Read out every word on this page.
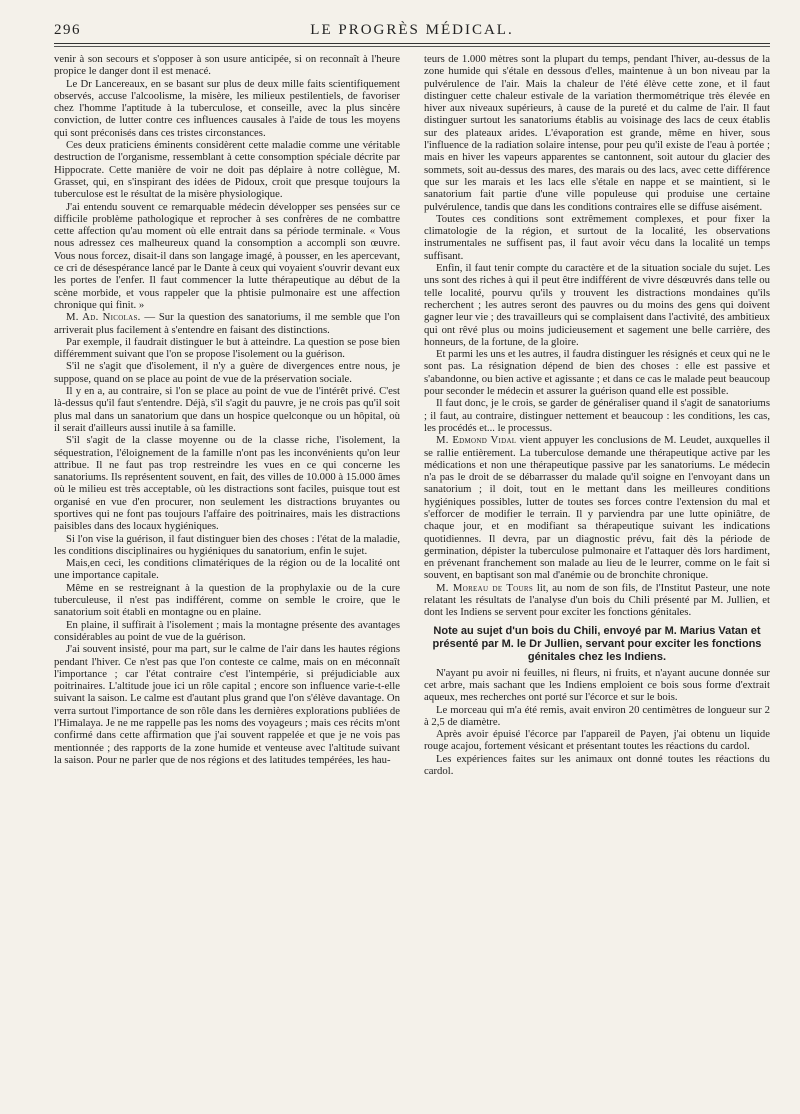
296	LE PROGRÈS MÉDICAL.

venir à son secours et s'opposer à son usure anticipée, si on reconnaît à l'heure propice le danger dont il est menacé.

Le Dr Lancereaux, en se basant sur plus de deux mille faits scientifiquement observés, accuse l'alcoolisme, la misère, les milieux pestilentiels, de favoriser chez l'homme l'aptitude à la tuberculose, et conseille, avec la plus sincère conviction, de lutter contre ces influences causales à l'aide de tous les moyens qui sont préconisés dans ces tristes circonstances.

Ces deux praticiens éminents considèrent cette maladie comme une véritable destruction de l'organisme, ressemblant à cette consomption spéciale décrite par Hippocrate. Cette manière de voir ne doit pas déplaire à notre collègue, M. Grasset, qui, en s'inspirant des idées de Pidoux, croit que presque toujours la tuberculose est le résultat de la misère physiologique.

J'ai entendu souvent ce remarquable médecin développer ses pensées sur ce difficile problème pathologique et reprocher à ses confrères de ne combattre cette affection qu'au moment où elle entrait dans sa période terminale. « Vous nous adressez ces malheureux quand la consomption a accompli son œuvre. Vous nous forcez, disait-il dans son langage imagé, à pousser, en les apercevant, ce cri de désespérance lancé par le Dante à ceux qui voyaient s'ouvrir devant eux les portes de l'enfer. Il faut commencer la lutte thérapeutique au début de la scène morbide, et vous rappeler que la phtisie pulmonaire est une affection chronique qui finit. »

M. Ad. Nicolas. — Sur la question des sanatoriums, il me semble que l'on arriverait plus facilement à s'entendre en faisant des distinctions.

Par exemple, il faudrait distinguer le but à atteindre. La question se pose bien différemment suivant que l'on se propose l'isolement ou la guérison.

S'il ne s'agit que d'isolement, il n'y a guère de divergences entre nous, je suppose, quand on se place au point de vue de la préservation sociale.

Il y en a, au contraire, si l'on se place au point de vue de l'intérêt privé. C'est là-dessus qu'il faut s'entendre. Déjà, s'il s'agit du pauvre, je ne crois pas qu'il soit plus mal dans un sanatorium que dans un hospice quelconque ou un hôpital, où il serait d'ailleurs aussi inutile à sa famille.

S'il s'agit de la classe moyenne ou de la classe riche, l'isolement, la séquestration, l'éloignement de la famille n'ont pas les inconvénients qu'on leur attribue. Il ne faut pas trop restreindre les vues en ce qui concerne les sanatoriums. Ils représentent souvent, en fait, des villes de 10.000 à 15.000 âmes où le milieu est très acceptable, où les distractions sont faciles, puisque tout est organisé en vue d'en procurer, non seulement les distractions bruyantes ou sportives qui ne font pas toujours l'affaire des poitrinaires, mais les distractions paisibles dans des locaux hygiéniques.

Si l'on vise la guérison, il faut distinguer bien des choses : l'état de la maladie, les conditions disciplinaires ou hygiéniques du sanatorium, enfin le sujet.

Mais,en ceci, les conditions climatériques de la région ou de la localité ont une importance capitale.

Même en se restreignant à la question de la prophylaxie ou de la cure tuberculeuse, il n'est pas indifférent, comme on semble le croire, que le sanatorium soit établi en montagne ou en plaine.

En plaine, il suffirait à l'isolement ; mais la montagne présente des avantages considérables au point de vue de la guérison.

J'ai souvent insisté, pour ma part, sur le calme de l'air dans les hautes régions pendant l'hiver. Ce n'est pas que l'on conteste ce calme, mais on en méconnaît l'importance ; car l'état contraire c'est l'intempérie, si préjudiciable aux poitrinaires. L'altitude joue ici un rôle capital ; encore son influence varie-t-elle suivant la saison. Le calme est d'autant plus grand que l'on s'élève davantage. On verra surtout l'importance de son rôle dans les dernières explorations publiées de l'Himalaya. Je ne me rappelle pas les noms des voyageurs ; mais ces récits m'ont confirmé dans cette affirmation que j'ai souvent rappelée et que je ne vois pas mentionnée ; des rapports de la zone humide et venteuse avec l'altitude suivant la saison. Pour ne parler que de nos régions et des latitudes tempérées, les hau-

teurs de 1.000 mètres sont la plupart du temps, pendant l'hiver, au-dessus de la zone humide qui s'étale en dessous d'elles, maintenue à un bon niveau par la pulvérulence de l'air. Mais la chaleur de l'été élève cette zone, et il faut distinguer cette chaleur estivale de la variation thermométrique très élevée en hiver aux niveaux supérieurs, à cause de la pureté et du calme de l'air. Il faut distinguer surtout les sanatoriums établis au voisinage des lacs de ceux établis sur des plateaux arides. L'évaporation est grande, même en hiver, sous l'influence de la radiation solaire intense, pour peu qu'il existe de l'eau à portée ; mais en hiver les vapeurs apparentes se cantonnent, soit autour du glacier des sommets, soit au-dessus des mares, des marais ou des lacs, avec cette différence que sur les marais et les lacs elle s'étale en nappe et se maintient, si le sanatorium fait partie d'une ville populeuse qui produise une certaine pulvérulence, tandis que dans les conditions contraires elle se diffuse aisément.

Toutes ces conditions sont extrêmement complexes, et pour fixer la climatologie de la région, et surtout de la localité, les observations instrumentales ne suffisent pas, il faut avoir vécu dans la localité un temps suffisant.

Enfin, il faut tenir compte du caractère et de la situation sociale du sujet. Les uns sont des riches à qui il peut être indifférent de vivre désœuvrés dans telle ou telle localité, pourvu qu'ils y trouvent les distractions mondaines qu'ils recherchent ; les autres seront des pauvres ou du moins des gens qui doivent gagner leur vie ; des travailleurs qui se complaisent dans l'activité, des ambitieux qui ont rêvé plus ou moins judicieusement et sagement une belle carrière, des honneurs, de la fortune, de la gloire.

Et parmi les uns et les autres, il faudra distinguer les résignés et ceux qui ne le sont pas. La résignation dépend de bien des choses : elle est passive et s'abandonne, ou bien active et agissante ; et dans ce cas le malade peut beaucoup pour seconder le médecin et assurer la guérison quand elle est possible.

Il faut donc, je le crois, se garder de généraliser quand il s'agit de sanatoriums ; il faut, au contraire, distinguer nettement et beaucoup : les conditions, les cas, les procédés et... le processus.

M. Edmond Vidal vient appuyer les conclusions de M. Leudet, auxquelles il se rallie entièrement. La tuberculose demande une thérapeutique active par les médications et non une thérapeutique passive par les sanatoriums. Le médecin n'a pas le droit de se débarrasser du malade qu'il soigne en l'envoyant dans un sanatorium ; il doit, tout en le mettant dans les meilleures conditions hygiéniques possibles, lutter de toutes ses forces contre l'extension du mal et s'efforcer de modifier le terrain. Il y parviendra par une lutte opiniâtre, de chaque jour, et en modifiant sa thérapeutique suivant les indications quotidiennes. Il devra, par un diagnostic prévu, fait dès la période de germination, dépister la tuberculose pulmonaire et l'attaquer dès lors hardiment, en prévenant franchement son malade au lieu de le leurrer, comme on le fait si souvent, en baptisant son mal d'anémie ou de bronchite chronique.

M. Moreau de Tours lit, au nom de son fils, de l'Institut Pasteur, une note relatant les résultats de l'analyse d'un bois du Chili présenté par M. Jullien, et dont les Indiens se servent pour exciter les fonctions génitales.

Note au sujet d'un bois du Chili, envoyé par M. Marius Vatan et présenté par M. le Dr Jullien, servant pour exciter les fonctions génitales chez les Indiens.

N'ayant pu avoir ni feuilles, ni fleurs, ni fruits, et n'ayant aucune donnée sur cet arbre, mais sachant que les Indiens emploient ce bois sous forme d'extrait aqueux, mes recherches ont porté sur l'écorce et sur le bois.

Le morceau qui m'a été remis, avait environ 20 centimètres de longueur sur 2 à 2,5 de diamètre.

Après avoir épuisé l'écorce par l'appareil de Payen, j'ai obtenu un liquide rouge acajou, fortement vésicant et présentant toutes les réactions du cardol.

Les expériences faites sur les animaux ont donné toutes les réactions du cardol.
